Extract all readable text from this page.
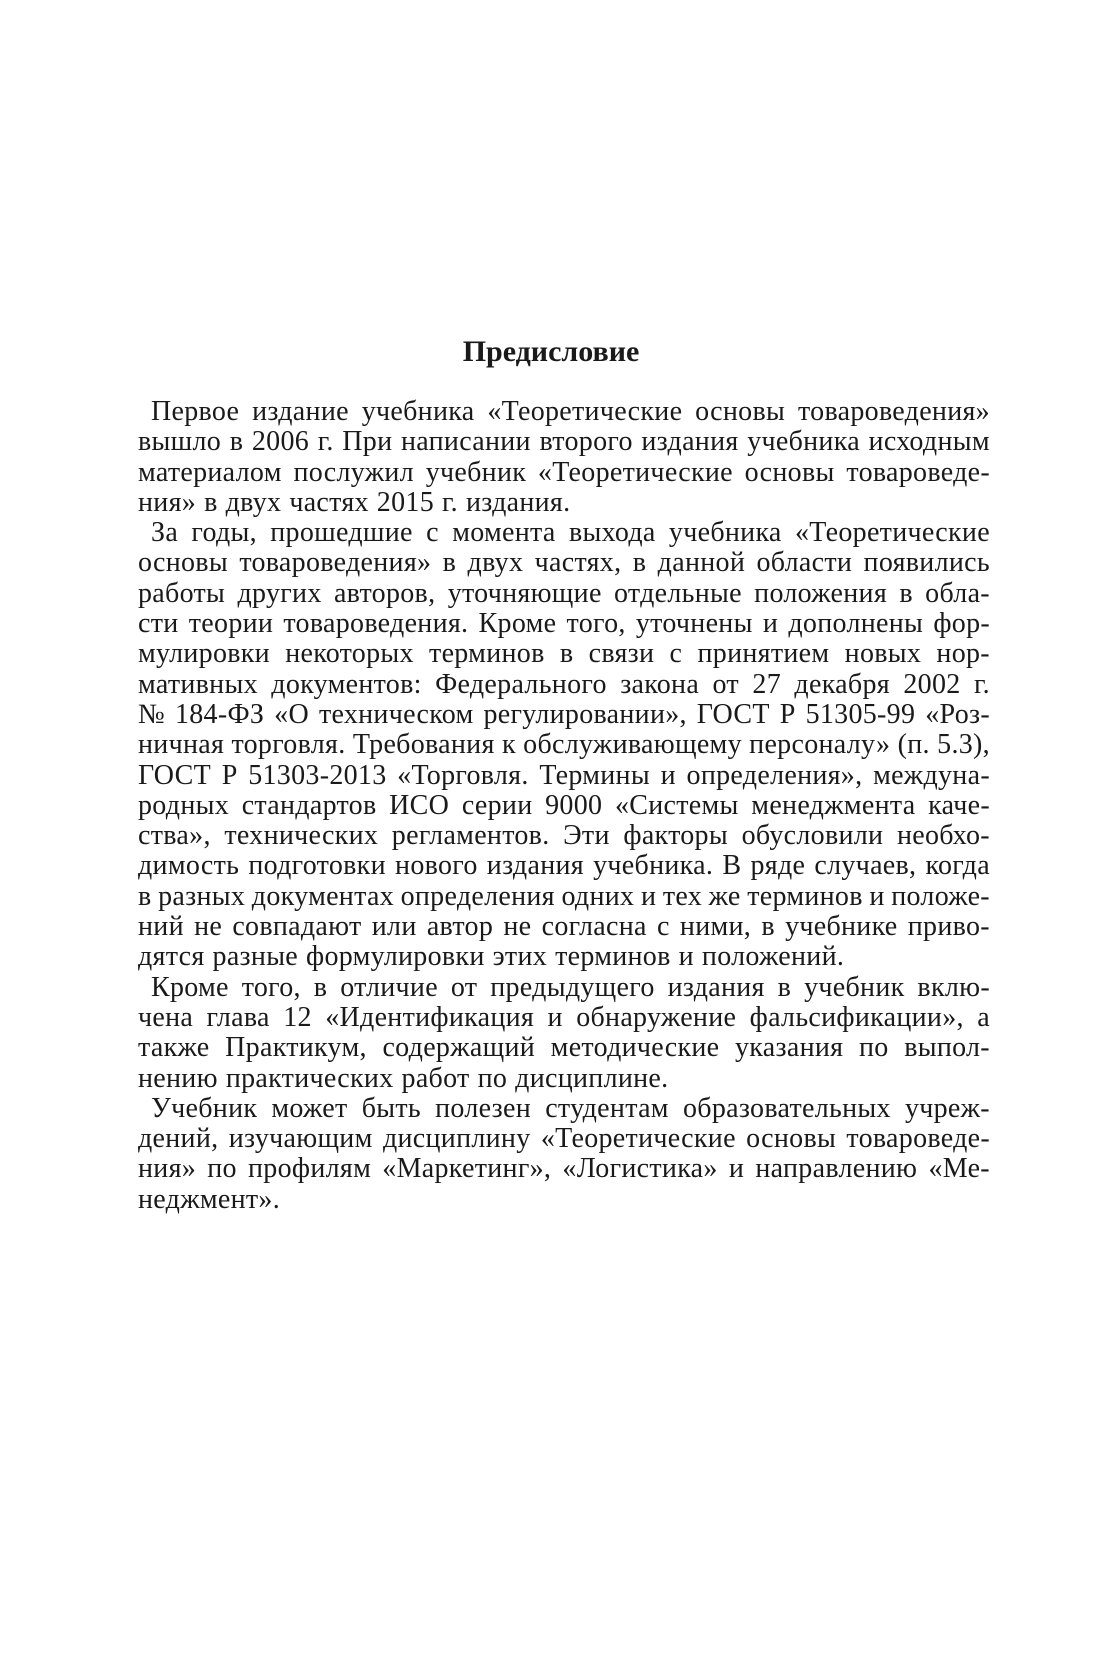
Предисловие
Первое издание учебника «Теоретические основы товароведения»
вышло в 2006 г. При написании второго издания учебника исходным
материалом послужил учебник «Теоретические основы товароведе-
ния» в двух частях 2015 г. издания.
За годы, прошедшие с момента выхода учебника «Теоретические
основы товароведения» в двух частях, в данной области появились
работы других авторов, уточняющие отдельные положения в обла-
сти теории товароведения. Кроме того, уточнены и дополнены фор-
мулировки некоторых терминов в связи с принятием новых нор-
мативных документов: Федерального закона от 27 декабря 2002 г.
№ 184-ФЗ «О техническом регулировании», ГОСТ Р 51305-99 «Роз-
ничная торговля. Требования к обслуживающему персоналу» (п. 5.3),
ГОСТ Р 51303-2013 «Торговля. Термины и определения», междуна-
родных стандартов ИСО серии 9000 «Системы менеджмента каче-
ства», технических регламентов. Эти факторы обусловили необхо-
димость подготовки нового издания учебника. В ряде случаев, когда
в разных документах определения одних и тех же терминов и положе-
ний не совпадают или автор не согласна с ними, в учебнике приво-
дятся разные формулировки этих терминов и положений.
Кроме того, в отличие от предыдущего издания в учебник вклю-
чена глава 12 «Идентификация и обнаружение фальсификации», а
также Практикум, содержащий методические указания по выпол-
нению практических работ по дисциплине.
Учебник может быть полезен студентам образовательных учреж-
дений, изучающим дисциплину «Теоретические основы товароведе-
ния» по профилям «Маркетинг», «Логистика» и направлению «Ме-
неджмент».
